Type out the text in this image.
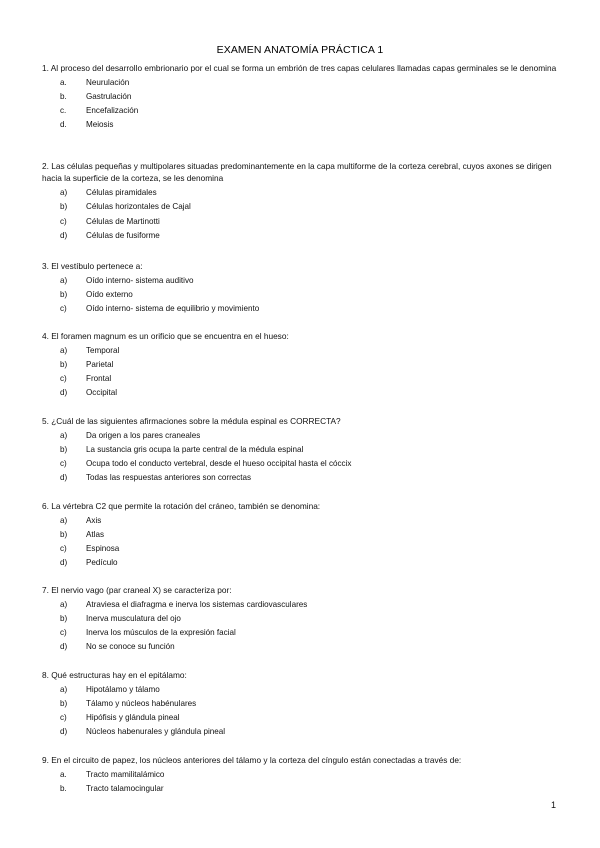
EXAMEN ANATOMÍA PRÁCTICA 1

1. Al proceso del desarrollo embrionario por el cual se forma un embrión de tres capas celulares llamadas capas germinales se le denomina

a.	Neurulación
b.	Gastrulación
c.	Encefalización
d.	Meiosis

2. Las células pequeñas y multipolares situadas predominantemente en la capa multiforme de la corteza cerebral, cuyos axones se dirigen hacia la superficie de la corteza, se les denomina

a)	Células piramidales
b)	Células horizontales de Cajal
c)	Células de Martinotti
d)	Células de fusiforme

3. El vestíbulo pertenece a:

a)	Oído interno- sistema auditivo
b)	Oído externo
c)	Oído interno- sistema de equilibrio y movimiento

4. El foramen magnum es un orificio que se encuentra en el hueso:

a)	Temporal
b)	Parietal
c)	Frontal
d)	Occipital

5. ¿Cuál de las siguientes afirmaciones sobre la médula espinal es CORRECTA?

a)	Da origen a los pares craneales
b)	La sustancia gris ocupa la parte central de la médula espinal
c)	Ocupa todo el conducto vertebral, desde el hueso occipital hasta el cóccix
d)	Todas las respuestas anteriores son correctas

6. La vértebra C2 que permite la rotación del cráneo, también se denomina:

a)	Axis
b)	Atlas
c)	Espinosa
d)	Pedículo

7. El nervio vago (par craneal X) se caracteriza por:

a)	Atraviesa el diafragma e inerva los sistemas cardiovasculares
b)	Inerva musculatura del ojo
c)	Inerva los músculos de la expresión facial
d)	No se conoce su función

8. Qué estructuras hay en el epitálamo:

a)	Hipotálamo y tálamo
b)	Tálamo y núcleos habénulares
c)	Hipófisis y glándula pineal
d)	Núcleos habenurales y glándula pineal

9. En el circuito de papez, los núcleos anteriores del tálamo y la corteza del cíngulo están conectadas a través de:

a.	Tracto mamilitalámico
b.	Tracto talamocingular
1
